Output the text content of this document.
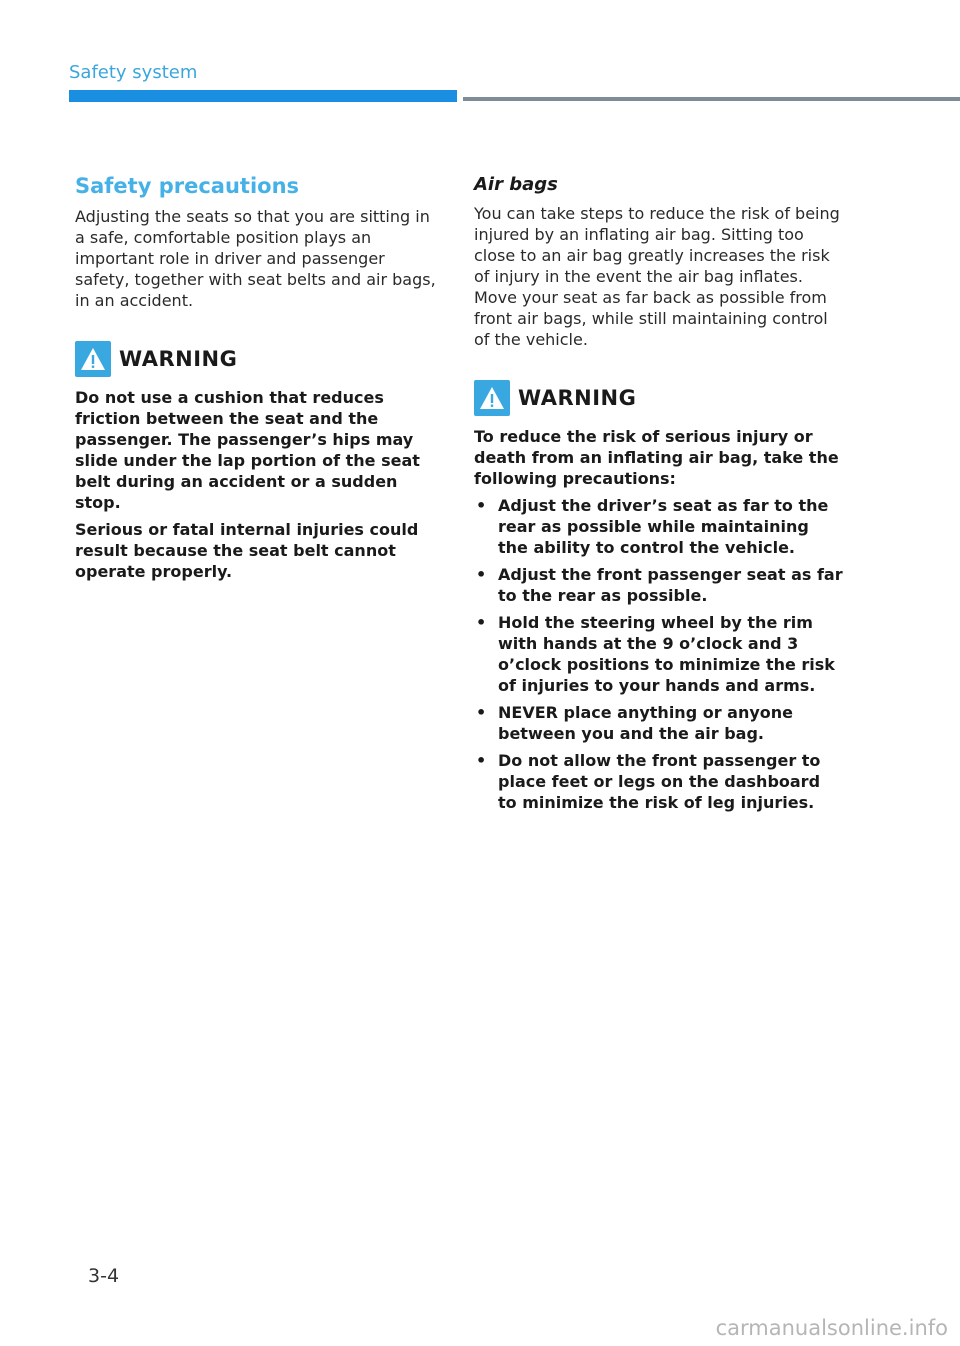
Safety system
Safety precautions

Adjusting the seats so that you are sitting in a safe, comfortable position plays an important role in driver and passenger safety, together with seat belts and air bags, in an accident.

WARNING

Do not use a cushion that reduces friction between the seat and the passenger. The passenger’s hips may slide under the lap portion of the seat belt during an accident or a sudden stop.

Serious or fatal internal injuries could result because the seat belt cannot operate properly.

Air bags

You can take steps to reduce the risk of being injured by an inflating air bag. Sitting too close to an air bag greatly increases the risk of injury in the event the air bag inflates. Move your seat as far back as possible from front air bags, while still maintaining control of the vehicle.

WARNING

To reduce the risk of serious injury or death from an inflating air bag, take the following precautions:

• Adjust the driver’s seat as far to the rear as possible while maintaining the ability to control the vehicle.
• Adjust the front passenger seat as far to the rear as possible.
• Hold the steering wheel by the rim with hands at the 9 o’clock and 3 o’clock positions to minimize the risk of injuries to your hands and arms.
• NEVER place anything or anyone between you and the air bag.
• Do not allow the front passenger to place feet or legs on the dashboard to minimize the risk of leg injuries.
3-4
carmanualsonline.info
